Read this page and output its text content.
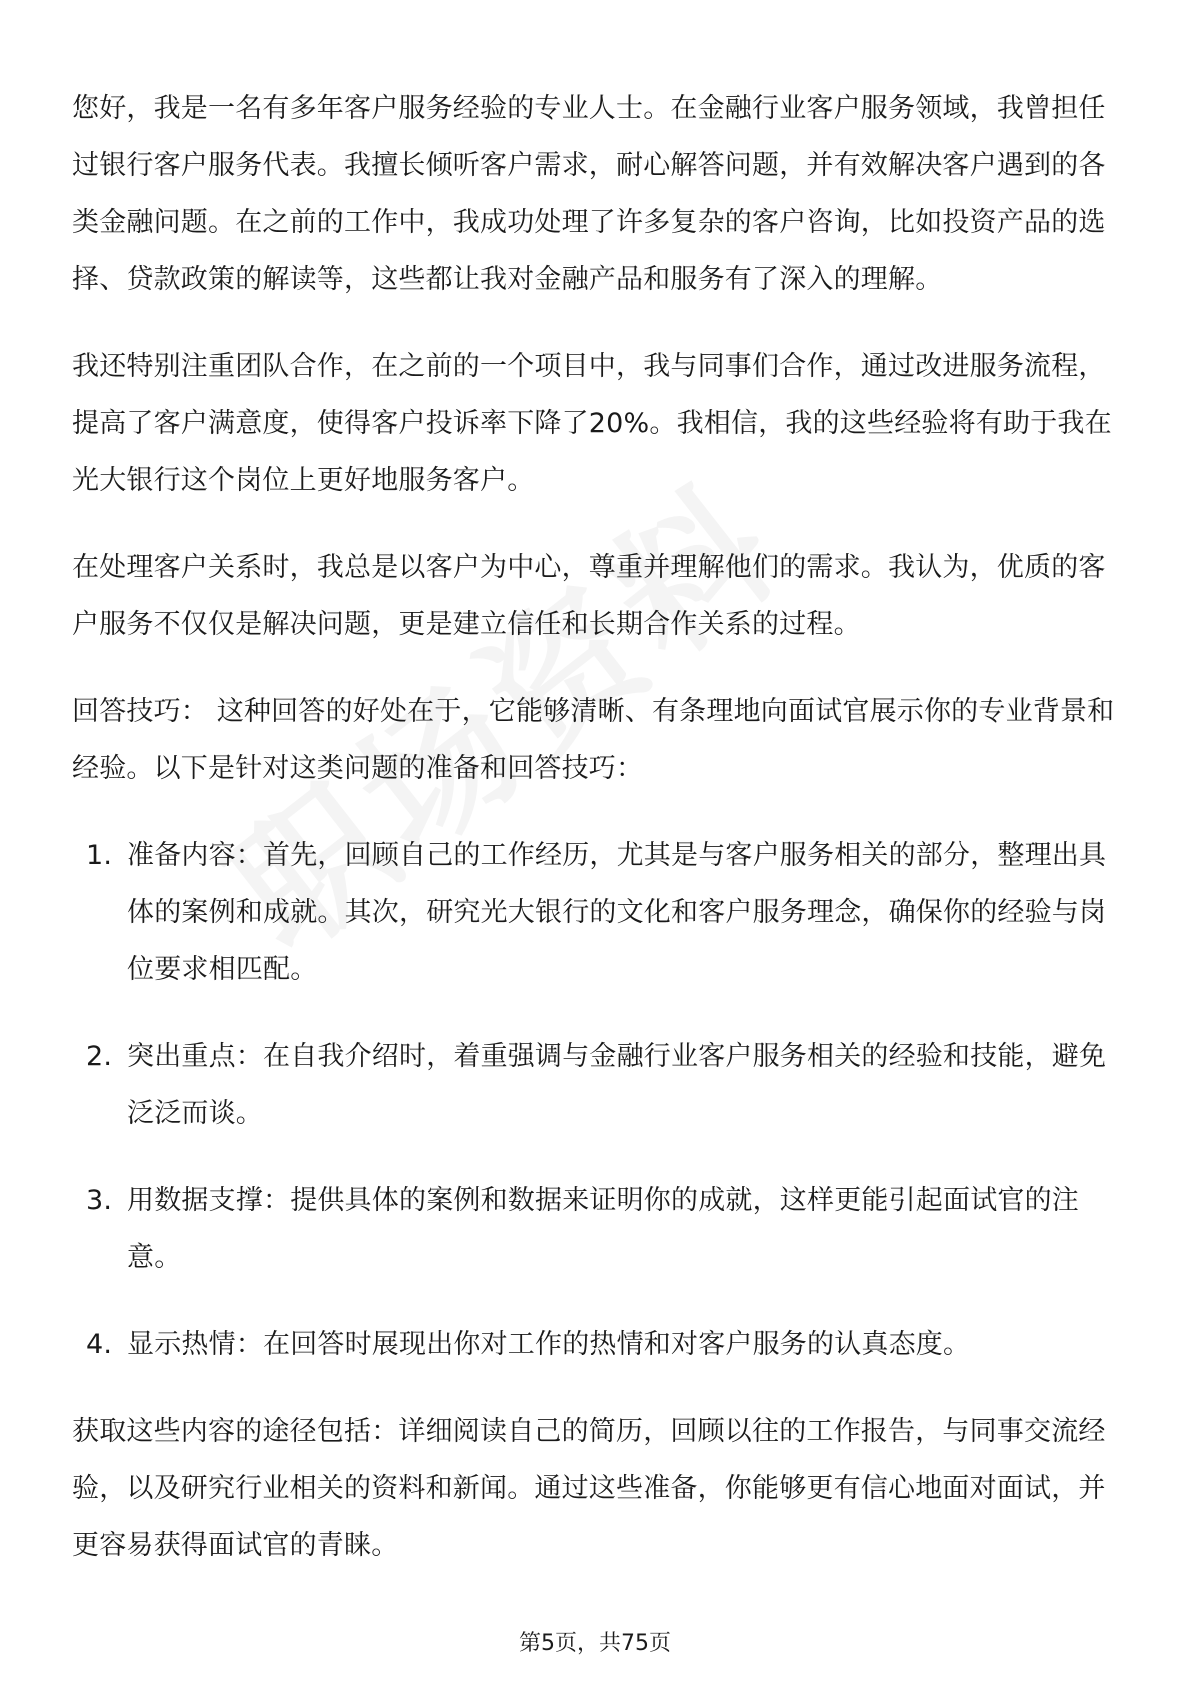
您好，我是一名有多年客户服务经验的专业人士。在金融行业客户服务领域，我曾担任过银行客户服务代表。我擅长倾听客户需求，耐心解答问题，并有效解决客户遇到的各类金融问题。在之前的工作中，我成功处理了许多复杂的客户咨询，比如投资产品的选择、贷款政策的解读等，这些都让我对金融产品和服务有了深入的理解。

我还特别注重团队合作，在之前的一个项目中，我与同事们合作，通过改进服务流程，提高了客户满意度，使得客户投诉率下降了20%。我相信，我的这些经验将有助于我在光大银行这个岗位上更好地服务客户。

在处理客户关系时，我总是以客户为中心，尊重并理解他们的需求。我认为，优质的客户服务不仅仅是解决问题，更是建立信任和长期合作关系的过程。

回答技巧： 这种回答的好处在于，它能够清晰、有条理地向面试官展示你的专业背景和经验。以下是针对这类问题的准备和回答技巧：

1. 准备内容：首先，回顾自己的工作经历，尤其是与客户服务相关的部分，整理出具体的案例和成就。其次，研究光大银行的文化和客户服务理念，确保你的经验与岗位要求相匹配。
2. 突出重点：在自我介绍时，着重强调与金融行业客户服务相关的经验和技能，避免泛泛而谈。
3. 用数据支撑：提供具体的案例和数据来证明你的成就，这样更能引起面试官的注意。
4. 显示热情：在回答时展现出你对工作的热情和对客户服务的认真态度。

获取这些内容的途径包括：详细阅读自己的简历，回顾以往的工作报告，与同事交流经验，以及研究行业相关的资料和新闻。通过这些准备，你能够更有信心地面对面试，并更容易获得面试官的青睐。

第5页，共75页
